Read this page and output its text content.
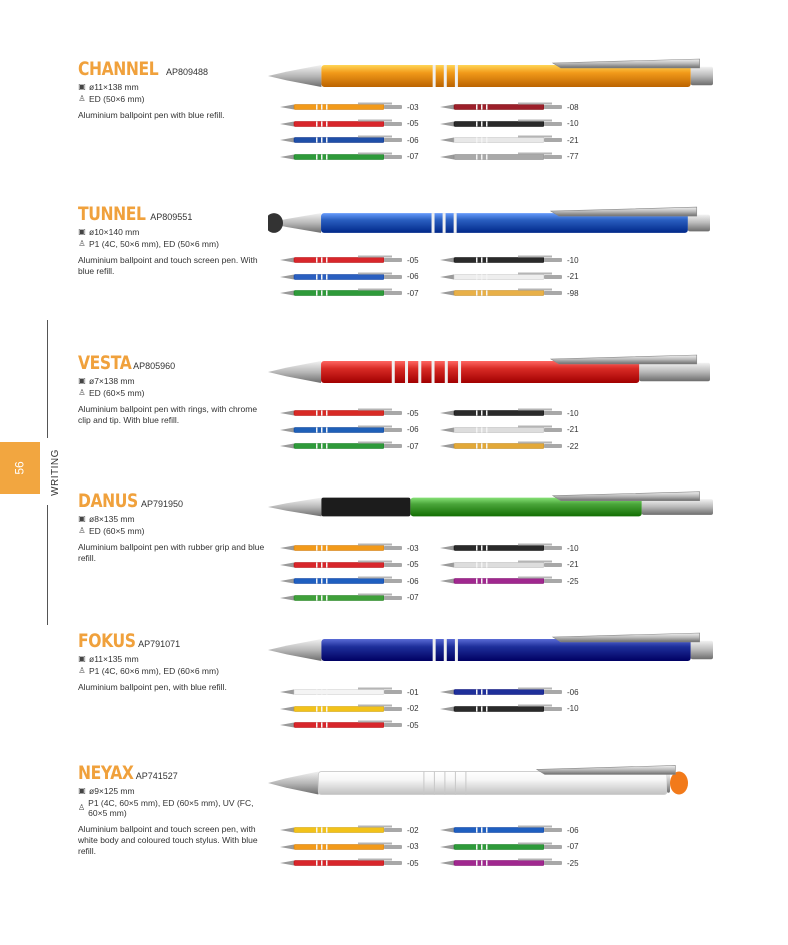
56 WRITING
CHANNEL AP809488
▣ ø11×138 mm
♙ ED (50×6 mm)
Aluminium ballpoint pen with blue refill.
-03
-05
-06
-07
-08
-10
-21
-77
TUNNEL AP809551
▣ ø10×140 mm
♙ P1 (4C, 50×6 mm), ED (50×6 mm)
Aluminium ballpoint and touch screen pen. With blue refill.
-05
-06
-07
-10
-21
-98
VESTA AP805960
▣ ø7×138 mm
♙ ED (60×5 mm)
Aluminium ballpoint pen with rings, with chrome clip and tip. With blue refill.
-05
-06
-07
-10
-21
-22
DANUS AP791950
▣ ø8×135 mm
♙ ED (60×5 mm)
Aluminium ballpoint pen with rubber grip and blue refill.
-03
-05
-06
-07
-10
-21
-25
FOKUS AP791071
▣ ø11×135 mm
♙ P1 (4C, 60×6 mm), ED (60×6 mm)
Aluminium ballpoint pen, with blue refill.	-01
-02
-05
-06
-10
NEYAX AP741527
▣ ø9×125 mm
♙ P1 (4C, 60×5 mm), ED (60×5 mm), UV (FC, 60×5 mm)
Aluminium ballpoint and touch screen pen, with white body and coloured touch stylus. With blue refill.
-02
-03
-05
-06
-07
-25
